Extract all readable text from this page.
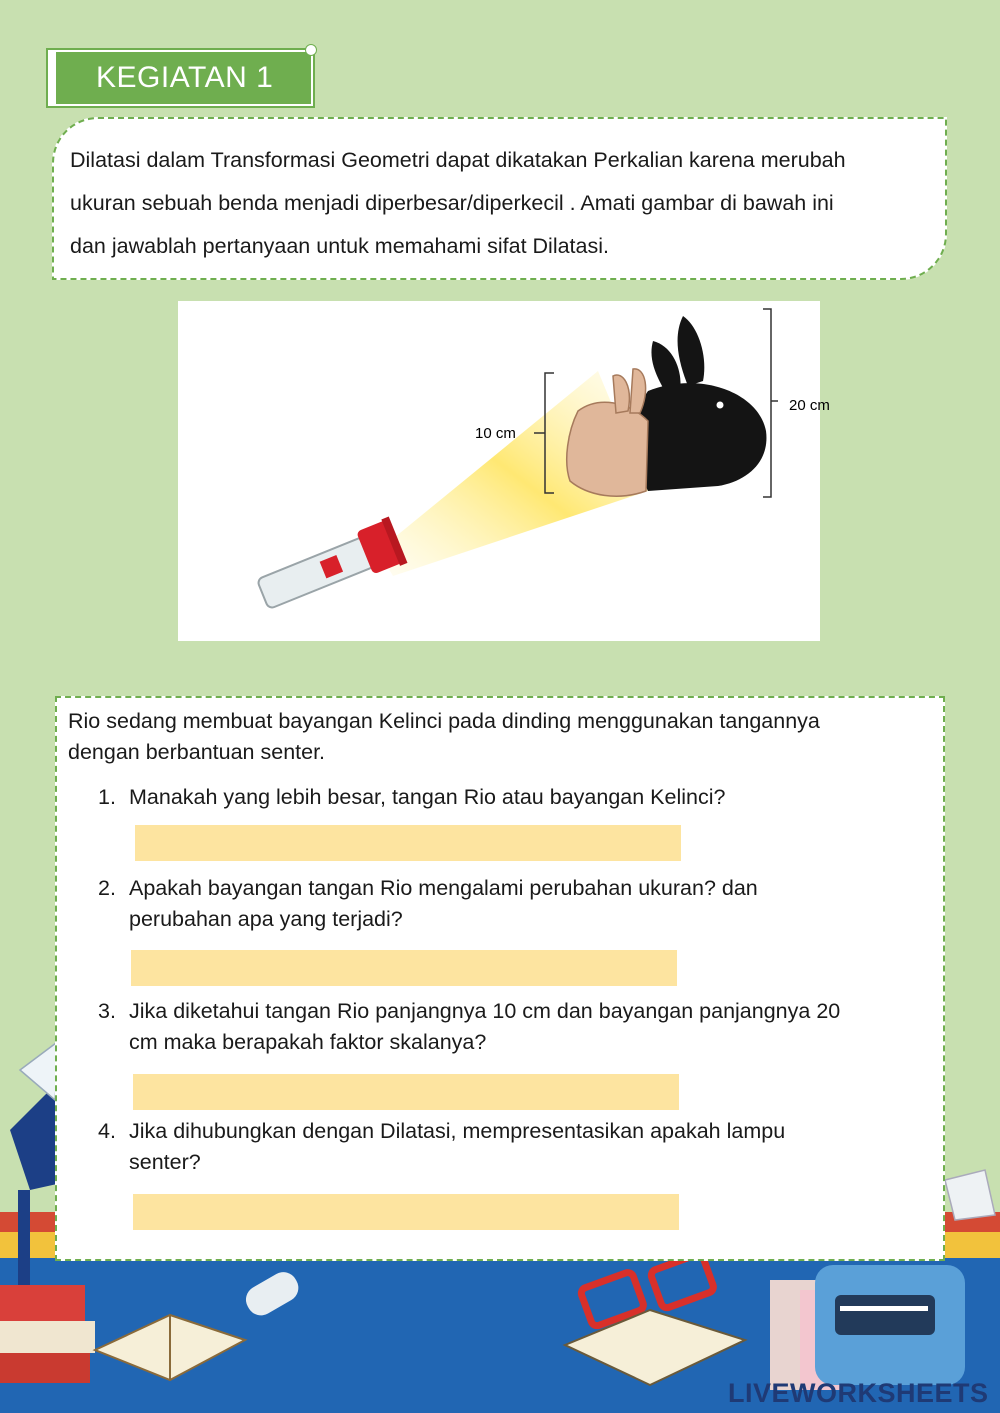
KEGIATAN 1
Dilatasi dalam Transformasi Geometri dapat dikatakan Perkalian karena merubah
ukuran sebuah benda menjadi diperbesar/diperkecil . Amati gambar di bawah ini
dan jawablah pertanyaan untuk memahami sifat Dilatasi.
10 cm
20 cm
Rio sedang membuat bayangan Kelinci pada dinding menggunakan tangannya
dengan berbantuan senter.
1. Manakah yang lebih besar, tangan Rio atau bayangan Kelinci?
2. Apakah bayangan tangan Rio mengalami perubahan ukuran? dan
perubahan apa yang terjadi?
3. Jika diketahui tangan Rio panjangnya 10 cm dan bayangan panjangnya 20
cm maka berapakah faktor skalanya?
4. Jika dihubungkan dengan Dilatasi, mempresentasikan apakah lampu
senter?
LIVEWORKSHEETS
